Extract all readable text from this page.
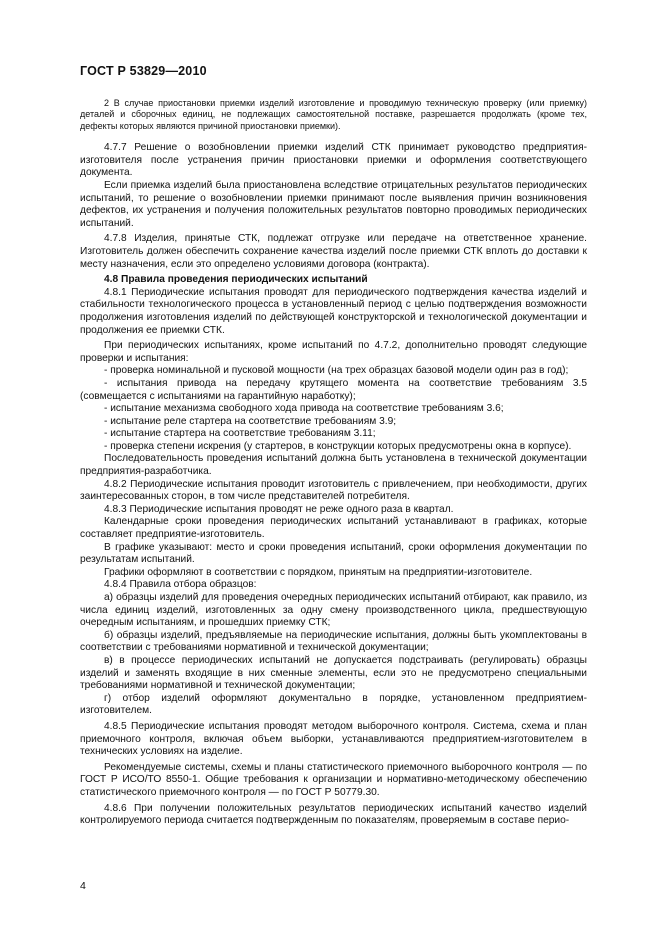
ГОСТ Р 53829—2010

2 В случае приостановки приемки изделий изготовление и проводимую техническую проверку (или приемку) деталей и сборочных единиц, не подлежащих самостоятельной поставке, разрешается продолжать (кроме тех, дефекты которых являются причиной приостановки приемки).

4.7.7 Решение о возобновлении приемки изделий СТК принимает руководство предприятия-изготовителя после устранения причин приостановки приемки и оформления соответствующего документа.

Если приемка изделий была приостановлена вследствие отрицательных результатов периодических испытаний, то решение о возобновлении приемки принимают после выявления причин возникновения дефектов, их устранения и получения положительных результатов повторно проводимых периодических испытаний.

4.7.8 Изделия, принятые СТК, подлежат отгрузке или передаче на ответственное хранение. Изготовитель должен обеспечить сохранение качества изделий после приемки СТК вплоть до доставки к месту назначения, если это определено условиями договора (контракта).

4.8 Правила проведения периодических испытаний

4.8.1 Периодические испытания проводят для периодического подтверждения качества изделий и стабильности технологического процесса в установленный период с целью подтверждения возможности продолжения изготовления изделий по действующей конструкторской и технологической документации и продолжения ее приемки СТК.

При периодических испытаниях, кроме испытаний по 4.7.2, дополнительно проводят следующие проверки и испытания:

- проверка номинальной и пусковой мощности (на трех образцах базовой модели один раз в год);

- испытания привода на передачу крутящего момента на соответствие требованиям 3.5 (совмещается с испытаниями на гарантийную наработку);

- испытание механизма свободного хода привода на соответствие требованиям 3.6;

- испытание реле стартера на соответствие требованиям 3.9;

- испытание стартера на соответствие требованиям 3.11;

- проверка степени искрения (у стартеров, в конструкции которых предусмотрены окна в корпусе).

Последовательность проведения испытаний должна быть установлена в технической документации предприятия-разработчика.

4.8.2 Периодические испытания проводит изготовитель с привлечением, при необходимости, других заинтересованных сторон, в том числе представителей потребителя.

4.8.3 Периодические испытания проводят не реже одного раза в квартал.

Календарные сроки проведения периодических испытаний устанавливают в графиках, которые составляет предприятие-изготовитель.

В графике указывают: место и сроки проведения испытаний, сроки оформления документации по результатам испытаний.

Графики оформляют в соответствии с порядком, принятым на предприятии-изготовителе.

4.8.4 Правила отбора образцов:

а) образцы изделий для проведения очередных периодических испытаний отбирают, как правило, из числа единиц изделий, изготовленных за одну смену производственного цикла, предшествующую очередным испытаниям, и прошедших приемку СТК;

б) образцы изделий, предъявляемые на периодические испытания, должны быть укомплектованы в соответствии с требованиями нормативной и технической документации;

в) в процессе периодических испытаний не допускается подстраивать (регулировать) образцы изделий и заменять входящие в них сменные элементы, если это не предусмотрено специальными требованиями нормативной и технической документации;

г) отбор изделий оформляют документально в порядке, установленном предприятием-изготовителем.

4.8.5 Периодические испытания проводят методом выборочного контроля. Система, схема и план приемочного контроля, включая объем выборки, устанавливаются предприятием-изготовителем в технических условиях на изделие.

Рекомендуемые системы, схемы и планы статистического приемочного выборочного контроля — по ГОСТ Р ИСО/ТО 8550-1. Общие требования к организации и нормативно-методическому обеспечению статистического приемочного контроля — по ГОСТ Р 50779.30.

4.8.6 При получении положительных результатов периодических испытаний качество изделий контролируемого периода считается подтвержденным по показателям, проверяемым в составе перио-

4
